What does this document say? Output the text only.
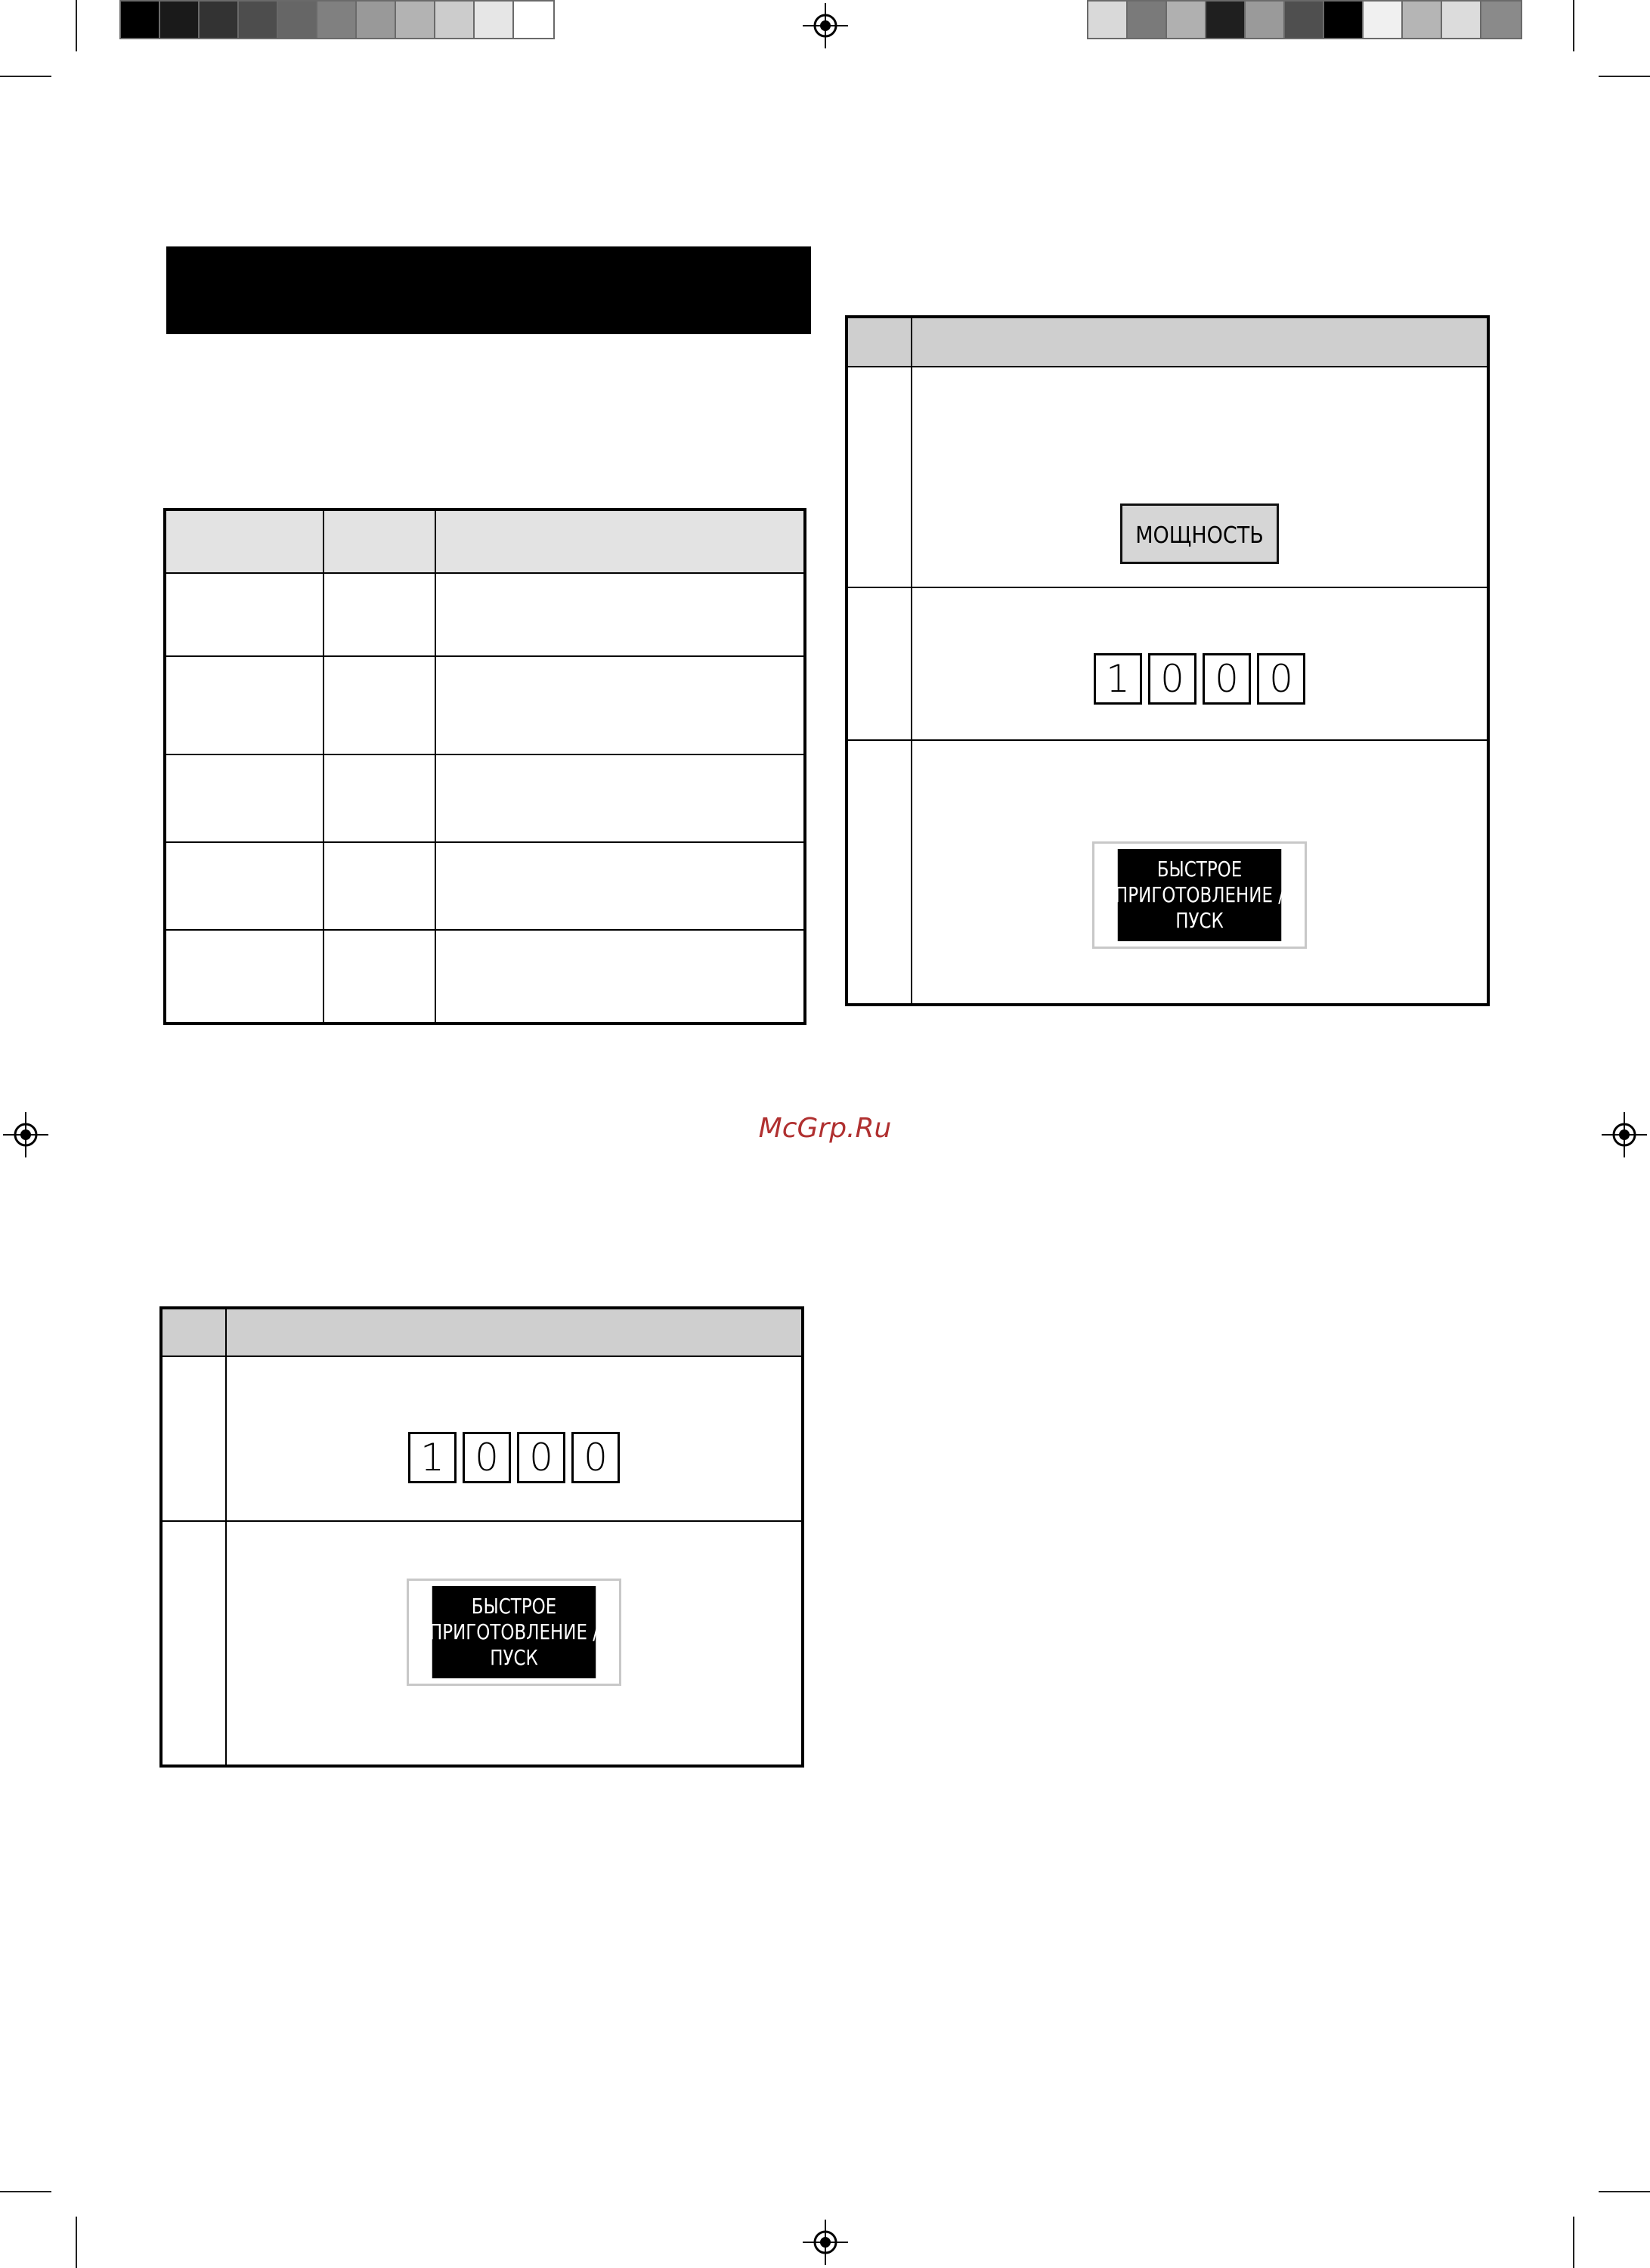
	МОЩНОСТЬ

1 0 0 0

	БЫСТРОЕ
ПРИГОТОВЛЕНИЕ /
ПУСК
McGrp.Ru

1 0 0 0

	БЫСТРОЕ
ПРИГОТОВЛЕНИЕ /
ПУСК
